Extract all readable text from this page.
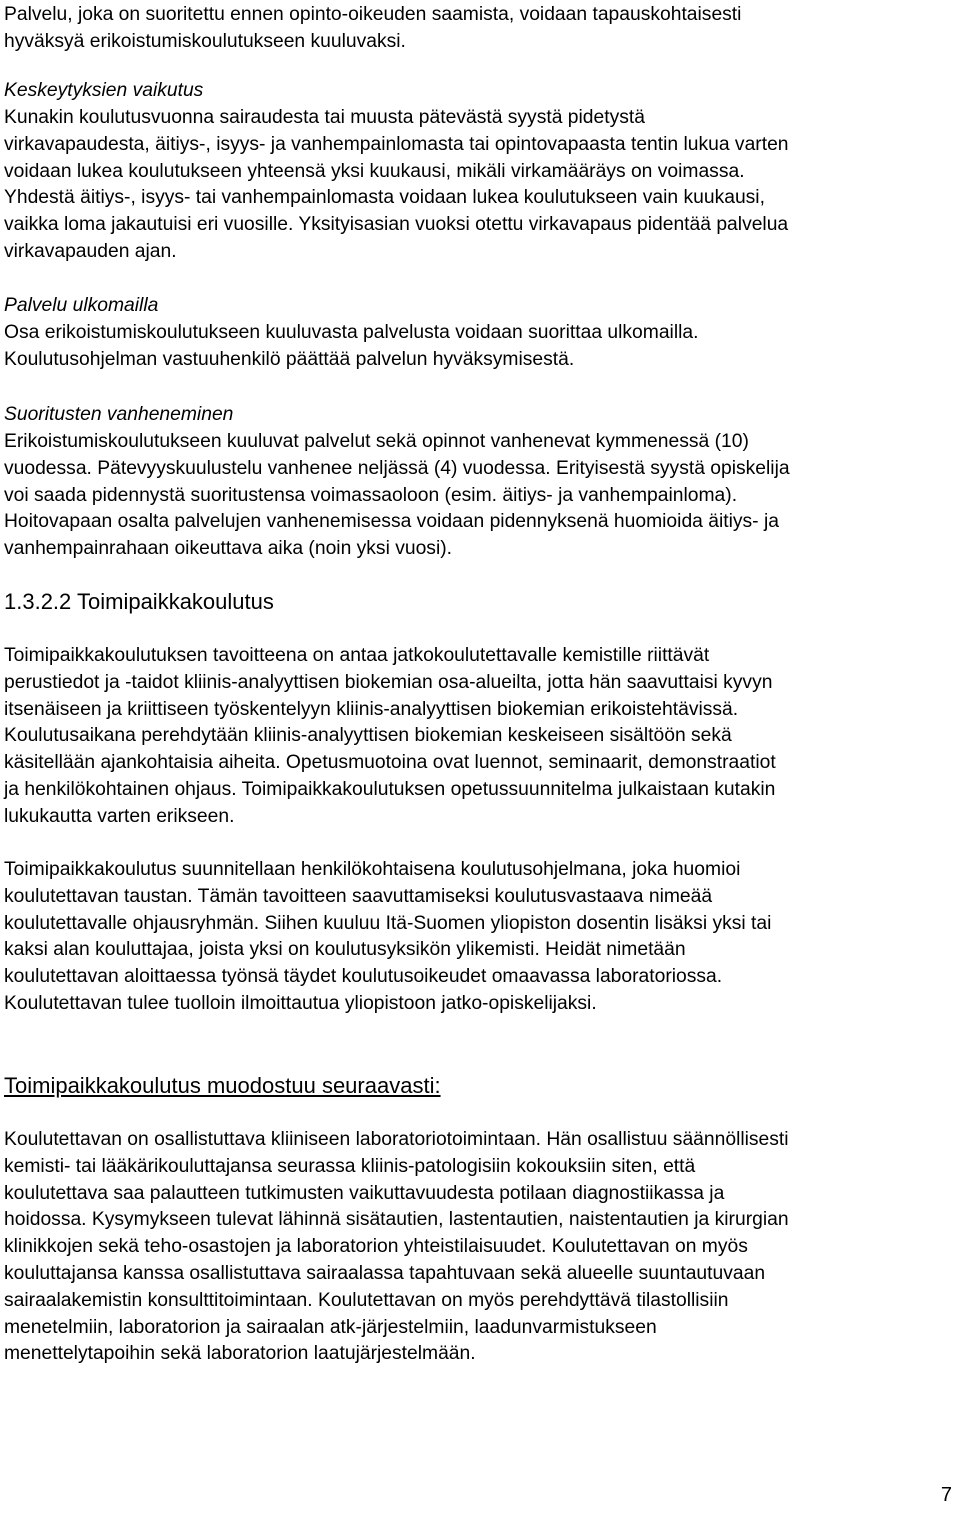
Palvelu, joka on suoritettu ennen opinto-oikeuden saamista, voidaan tapauskohtaisesti
hyväksyä erikoistumiskoulutukseen kuuluvaksi.

Keskeytyksien vaikutus

Kunakin koulutusvuonna sairaudesta tai muusta pätevästä syystä pidetystä
virkavapaudesta, äitiys-, isyys- ja vanhempainlomasta tai opintovapaasta tentin lukua varten
voidaan lukea koulutukseen yhteensä yksi kuukausi, mikäli virkamääräys on voimassa.
Yhdestä äitiys-, isyys- tai vanhempainlomasta voidaan lukea koulutukseen vain kuukausi,
vaikka loma jakautuisi eri vuosille. Yksityisasian vuoksi otettu virkavapaus pidentää palvelua
virkavapauden ajan.

Palvelu ulkomailla

Osa erikoistumiskoulutukseen kuuluvasta palvelusta voidaan suorittaa ulkomailla.
Koulutusohjelman vastuuhenkilö päättää palvelun hyväksymisestä.

Suoritusten vanheneminen

Erikoistumiskoulutukseen kuuluvat palvelut sekä opinnot vanhenevat kymmenessä (10)
vuodessa. Pätevyyskuulustelu vanhenee neljässä (4) vuodessa. Erityisestä syystä opiskelija
voi saada pidennystä suoritustensa voimassaoloon (esim. äitiys- ja vanhempainloma).
Hoitovapaan osalta palvelujen vanhenemisessa voidaan pidennyksenä huomioida äitiys- ja
vanhempainrahaan oikeuttava aika (noin yksi vuosi).

1.3.2.2 Toimipaikkakoulutus

Toimipaikkakoulutuksen tavoitteena on antaa jatkokoulutettavalle kemistille riittävät
perustiedot ja -taidot kliinis-analyyttisen biokemian osa-alueilta, jotta hän saavuttaisi kyvyn
itsenäiseen ja kriittiseen työskentelyyn kliinis-analyyttisen biokemian erikoistehtävissä.
Koulutusaikana perehdytään kliinis-analyyttisen biokemian keskeiseen sisältöön sekä
käsitellään ajankohtaisia aiheita. Opetusmuotoina ovat luennot, seminaarit, demonstraatiot
ja henkilökohtainen ohjaus. Toimipaikkakoulutuksen opetussuunnitelma julkaistaan kutakin
lukukautta varten erikseen.

Toimipaikkakoulutus suunnitellaan henkilökohtaisena koulutusohjelmana, joka huomioi
koulutettavan taustan. Tämän tavoitteen saavuttamiseksi koulutusvastaava nimeää
koulutettavalle ohjausryhmän. Siihen kuuluu Itä-Suomen yliopiston dosentin lisäksi yksi tai
kaksi alan kouluttajaa, joista yksi on koulutusyksikön ylikemisti. Heidät nimetään
koulutettavan aloittaessa työnsä täydet koulutusoikeudet omaavassa laboratoriossa.
Koulutettavan tulee tuolloin ilmoittautua yliopistoon jatko-opiskelijaksi.

Toimipaikkakoulutus muodostuu seuraavasti:

Koulutettavan on osallistuttava kliiniseen laboratoriotoimintaan. Hän osallistuu säännöllisesti
kemisti- tai lääkärikouluttajansa seurassa kliinis-patologisiin kokouksiin siten, että
koulutettava saa palautteen tutkimusten vaikuttavuudesta potilaan diagnostiikassa ja
hoidossa. Kysymykseen tulevat lähinnä sisätautien, lastentautien, naistentautien ja kirurgian
klinikkojen sekä teho-osastojen ja laboratorion yhteistilaisuudet. Koulutettavan on myös
kouluttajansa kanssa osallistuttava sairaalassa tapahtuvaan sekä alueelle suuntautuvaan
sairaalakemistin konsulttitoimintaan. Koulutettavan on myös perehdyttävä tilastollisiin
menetelmiin, laboratorion ja sairaalan atk-järjestelmiin, laadunvarmistukseen
menettelytapoihin sekä laboratorion laatujärjestelmään.

7
